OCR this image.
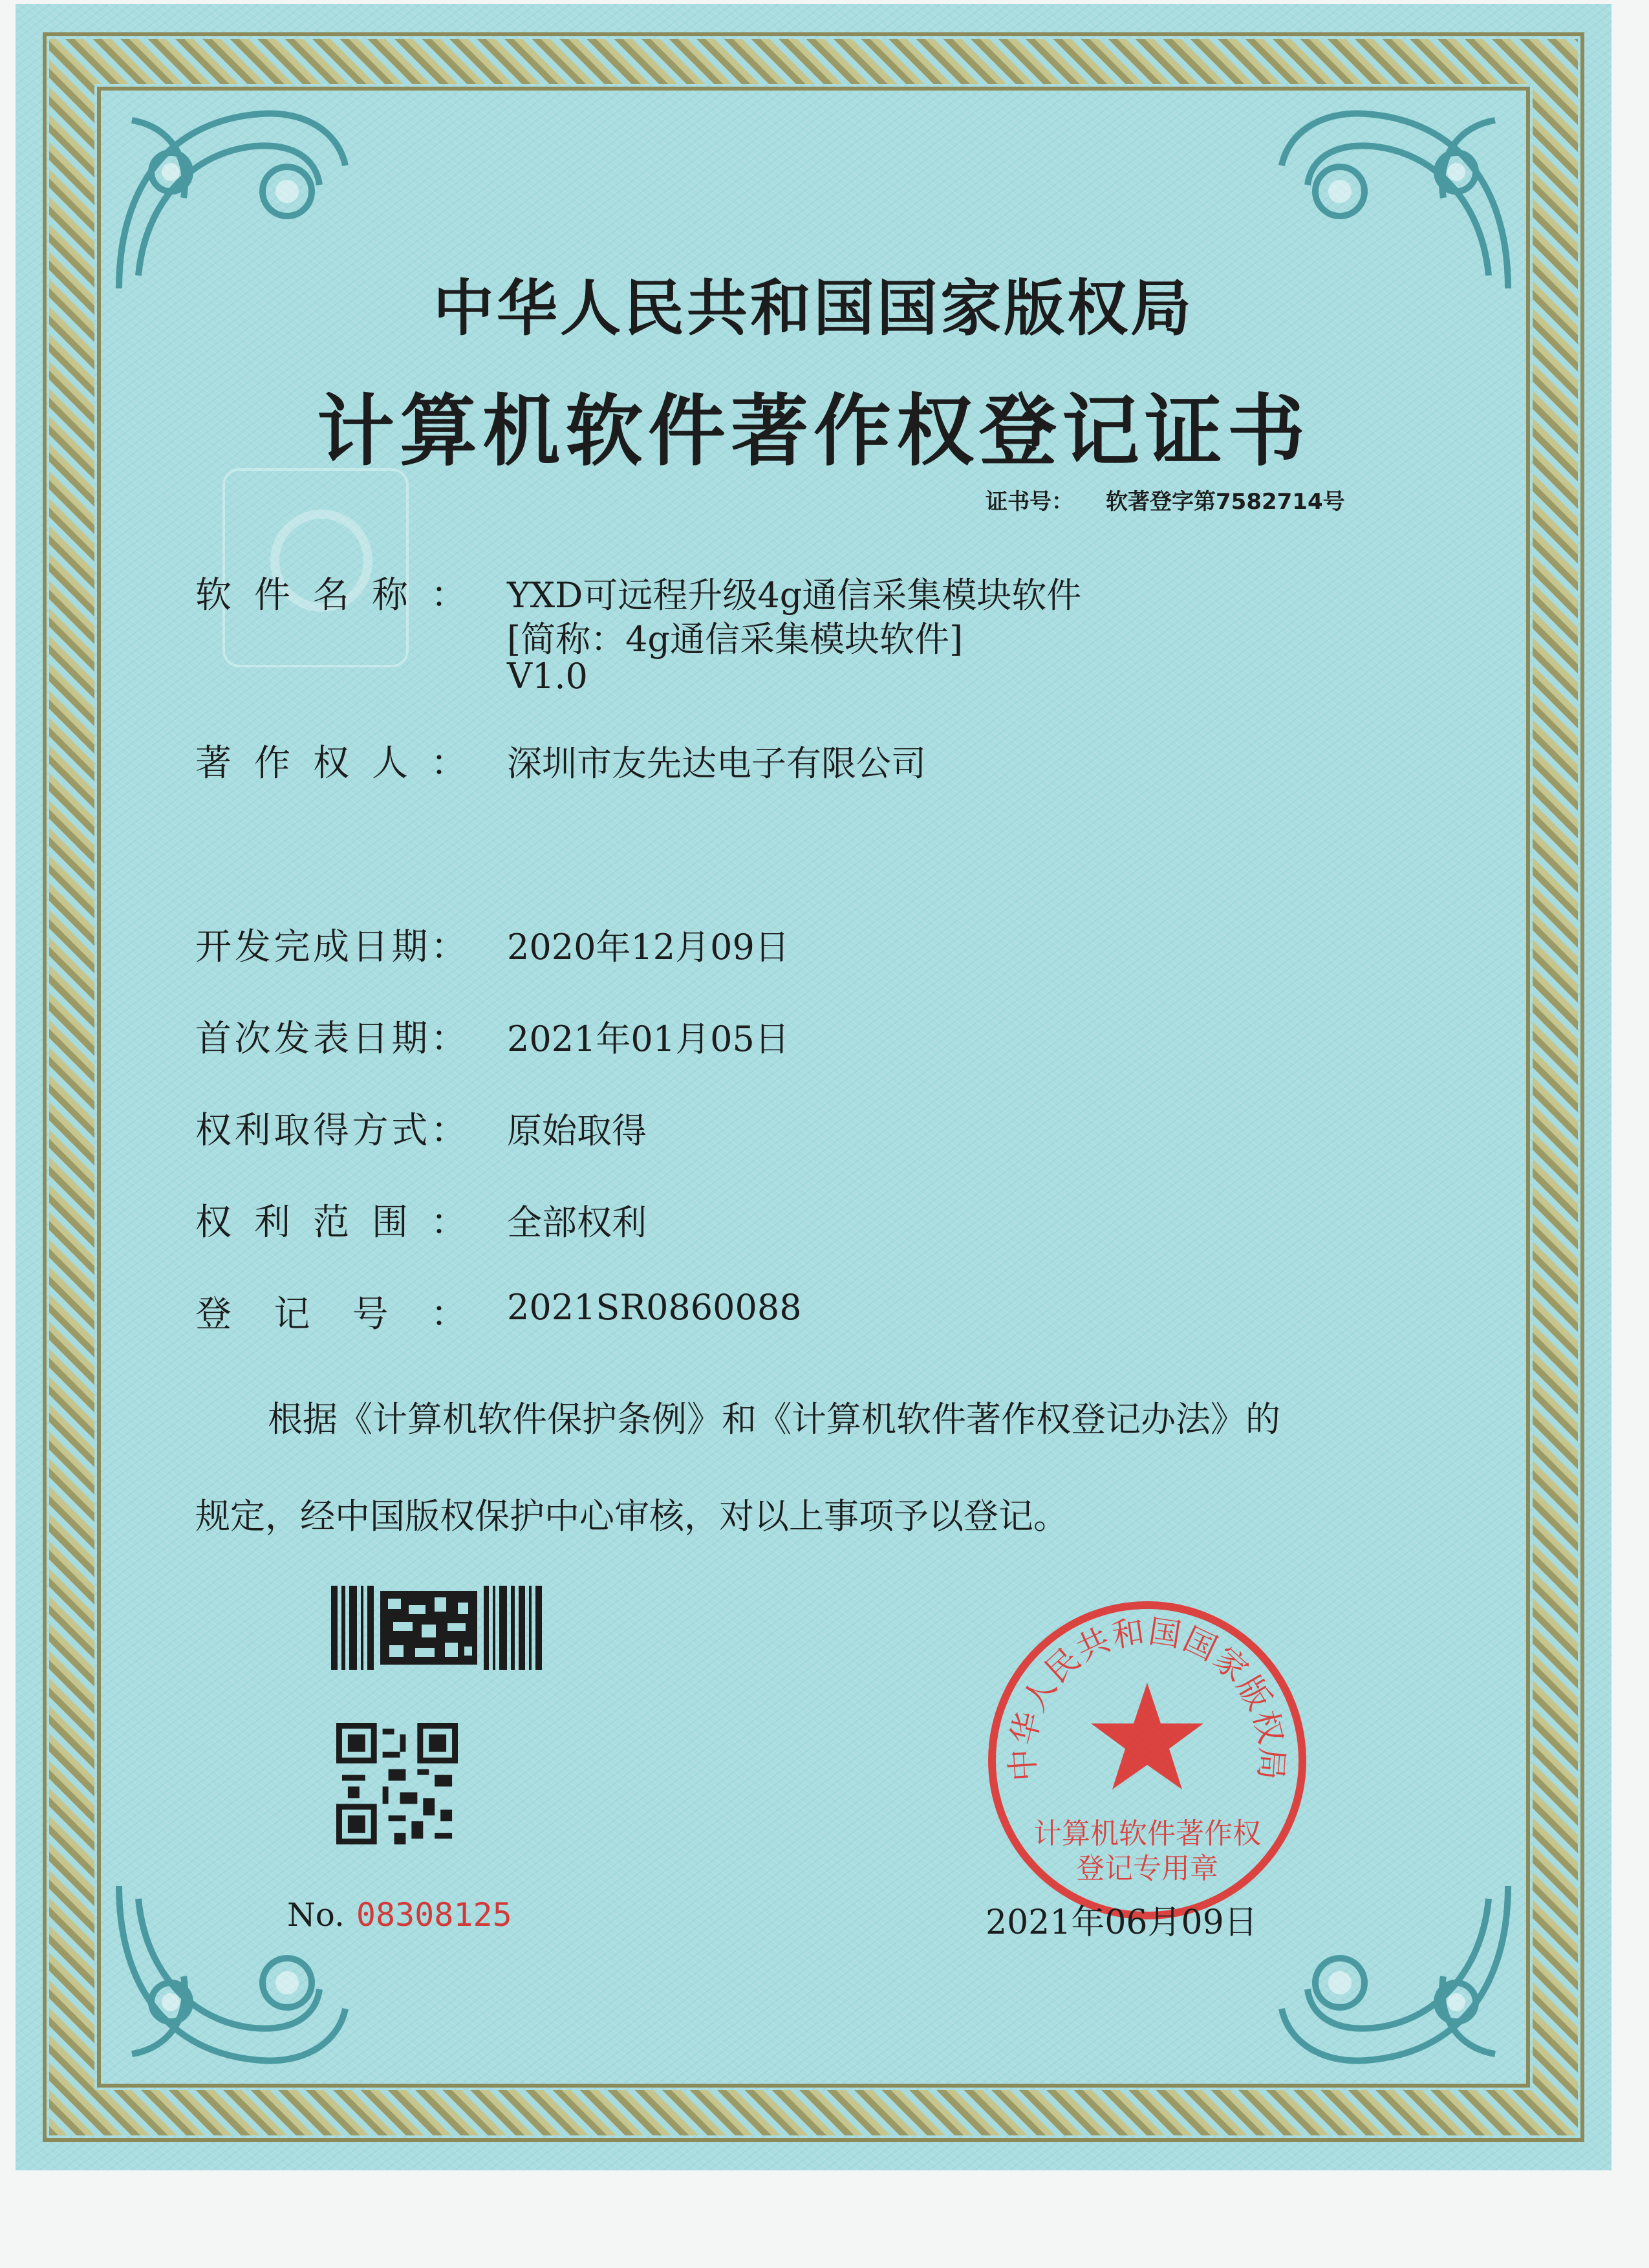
中华人民共和国国家版权局
计算机软件著作权登记证书
证书号： 软著登字第7582714号
软件名称： YXD可远程升级4g通信采集模块软件
[简称：4g通信采集模块软件]
V1.0
著作权人： 深圳市友先达电子有限公司
开发完成日期： 2020年12月09日
首次发表日期： 2021年01月05日
权利取得方式： 原始取得
权利范围： 全部权利
登记号： 2021SR0860088
根据《计算机软件保护条例》和《计算机软件著作权登记办法》的
规定，经中国版权保护中心审核，对以上事项予以登记。
No. 08308125
中华人民共和国国家版权局
计算机软件著作权
登记专用章
2021年06月09日
